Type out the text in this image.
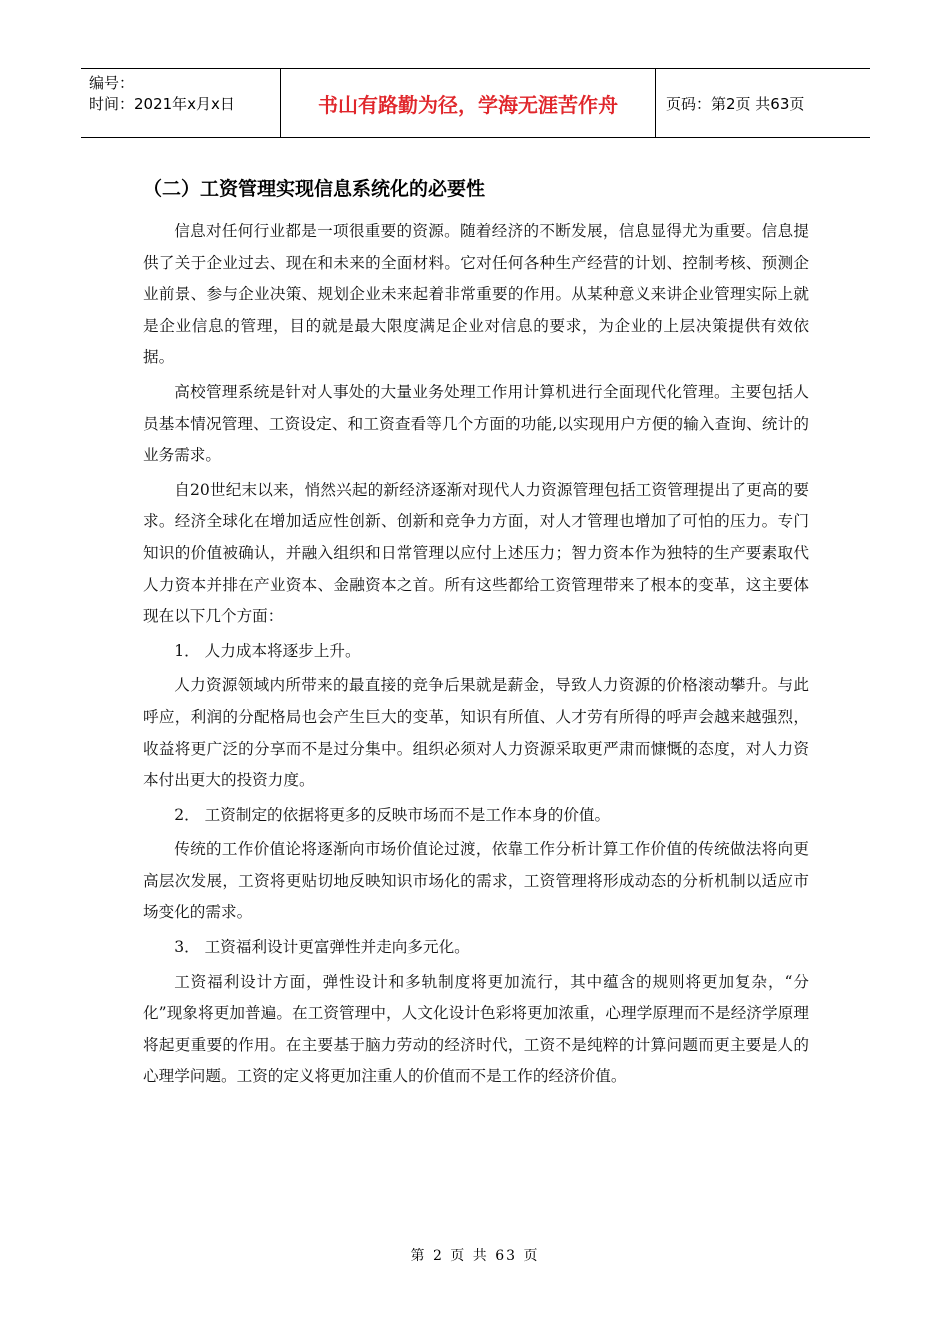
编号：
时间：2021年x月x日	书山有路勤为径，学海无涯苦作舟	页码：第2页 共63页
（二）工资管理实现信息系统化的必要性

信息对任何行业都是一项很重要的资源。随着经济的不断发展，信息显得尤为重要。信息提供了关于企业过去、现在和未来的全面材料。它对任何各种生产经营的计划、控制考核、预测企业前景、参与企业决策、规划企业未来起着非常重要的作用。从某种意义来讲企业管理实际上就是企业信息的管理，目的就是最大限度满足企业对信息的要求，为企业的上层决策提供有效依据。

高校管理系统是针对人事处的大量业务处理工作用计算机进行全面现代化管理。主要包括人员基本情况管理、工资设定、和工资查看等几个方面的功能,以实现用户方便的输入查询、统计的业务需求。

自20世纪末以来，悄然兴起的新经济逐渐对现代人力资源管理包括工资管理提出了更高的要求。经济全球化在增加适应性创新、创新和竞争力方面，对人才管理也增加了可怕的压力。专门知识的价值被确认，并融入组织和日常管理以应付上述压力；智力资本作为独特的生产要素取代人力资本并排在产业资本、金融资本之首。所有这些都给工资管理带来了根本的变革，这主要体现在以下几个方面：

1． 人力成本将逐步上升。

人力资源领域内所带来的最直接的竞争后果就是薪金，导致人力资源的价格滚动攀升。与此呼应，利润的分配格局也会产生巨大的变革，知识有所值、人才劳有所得的呼声会越来越强烈，收益将更广泛的分享而不是过分集中。组织必须对人力资源采取更严肃而慷慨的态度，对人力资本付出更大的投资力度。

2． 工资制定的依据将更多的反映市场而不是工作本身的价值。

传统的工作价值论将逐渐向市场价值论过渡，依靠工作分析计算工作价值的传统做法将向更高层次发展，工资将更贴切地反映知识市场化的需求，工资管理将形成动态的分析机制以适应市场变化的需求。

3． 工资福利设计更富弹性并走向多元化。

工资福利设计方面，弹性设计和多轨制度将更加流行，其中蕴含的规则将更加复杂，“分化”现象将更加普遍。在工资管理中，人文化设计色彩将更加浓重，心理学原理而不是经济学原理将起更重要的作用。在主要基于脑力劳动的经济时代，工资不是纯粹的计算问题而更主要是人的心理学问题。工资的定义将更加注重人的价值而不是工作的经济价值。

第 2 页 共 63 页
